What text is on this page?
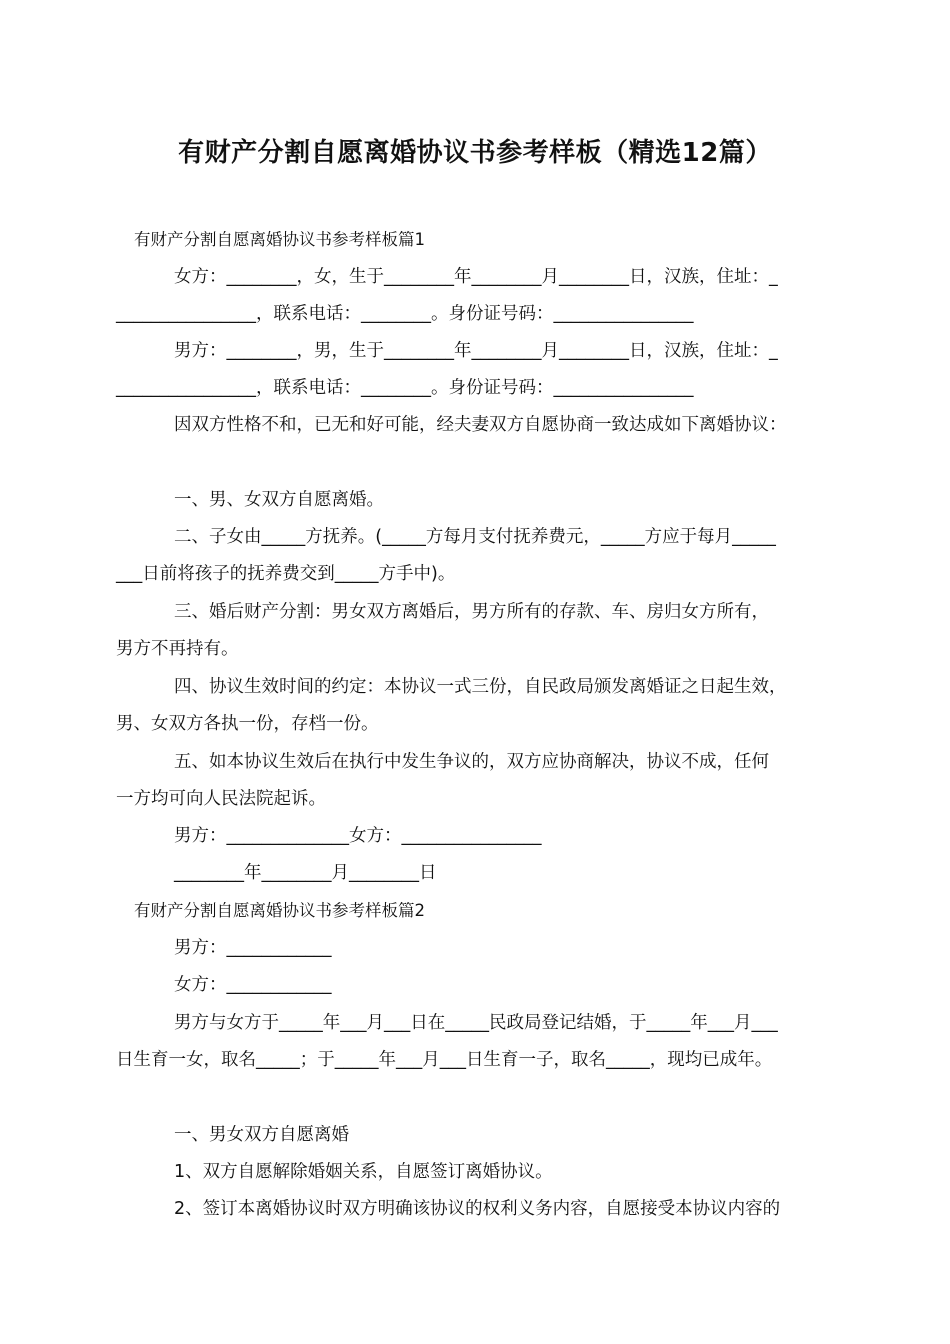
有财产分割自愿离婚协议书参考样板（精选12篇）
有财产分割自愿离婚协议书参考样板篇1
女方：________，女，生于________年________月________日，汉族，住址：_
________________，联系电话：________。身份证号码：________________
男方：________，男，生于________年________月________日，汉族，住址：_
________________，联系电话：________。身份证号码：________________
因双方性格不和，已无和好可能，经夫妻双方自愿协商一致达成如下离婚协议：
一、男、女双方自愿离婚。
二、子女由_____方抚养。(_____方每月支付抚养费元，_____方应于每月_____
___日前将孩子的抚养费交到_____方手中)。
三、婚后财产分割：男女双方离婚后，男方所有的存款、车、房归女方所有，
男方不再持有。
四、协议生效时间的约定：本协议一式三份，自民政局颁发离婚证之日起生效，
男、女双方各执一份，存档一份。
五、如本协议生效后在执行中发生争议的，双方应协商解决，协议不成，任何
一方均可向人民法院起诉。
男方：______________女方：________________
________年________月________日
有财产分割自愿离婚协议书参考样板篇2
男方：____________
女方：____________
男方与女方于_____年___月___日在_____民政局登记结婚，于_____年___月___
日生育一女，取名_____；于_____年___月___日生育一子，取名_____，现均已成年。
一、男女双方自愿离婚
1、双方自愿解除婚姻关系，自愿签订离婚协议。
2、签订本离婚协议时双方明确该协议的权利义务内容，自愿接受本协议内容的
